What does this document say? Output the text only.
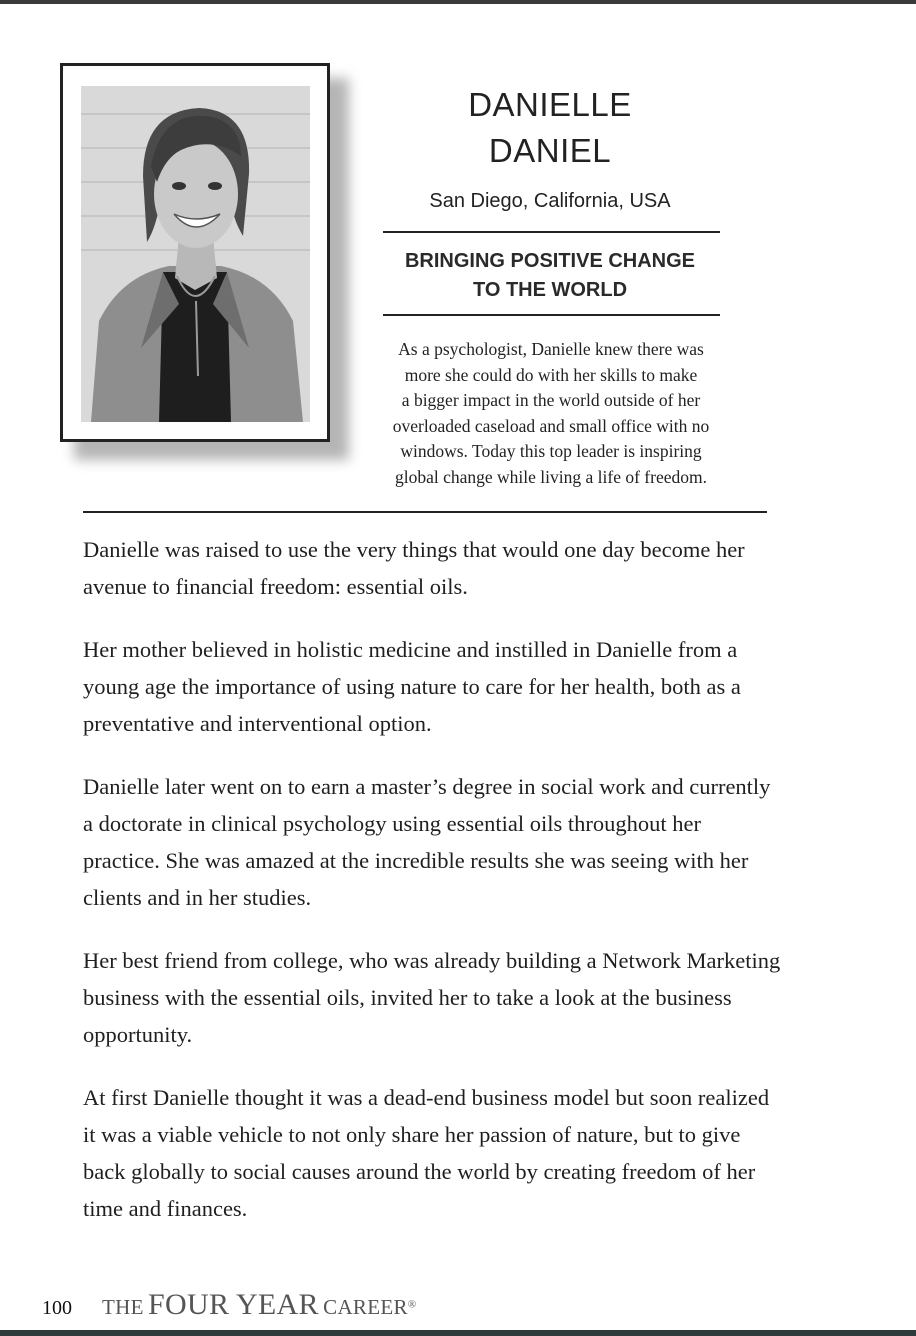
DANIELLE
DANIEL
San Diego, California, USA
BRINGING POSITIVE CHANGE
TO THE WORLD
As a psychologist, Danielle knew there was
more she could do with her skills to make
a bigger impact in the world outside of her
overloaded caseload and small office with no
windows. Today this top leader is inspiring
global change while living a life of freedom.

Danielle was raised to use the very things that would one day become her avenue to financial freedom: essential oils.

Her mother believed in holistic medicine and instilled in Danielle from a young age the importance of using nature to care for her health, both as a preventative and interventional option.

Danielle later went on to earn a master’s degree in social work and currently a doctorate in clinical psychology using essential oils throughout her practice. She was amazed at the incredible results she was seeing with her clients and in her studies.

Her best friend from college, who was already building a Network Marketing business with the essential oils, invited her to take a look at the business opportunity.

At first Danielle thought it was a dead-end business model but soon realized it was a viable vehicle to not only share her passion of nature, but to give back globally to social causes around the world by creating freedom of her time and finances.

100 THE FOUR YEAR CAREER®
